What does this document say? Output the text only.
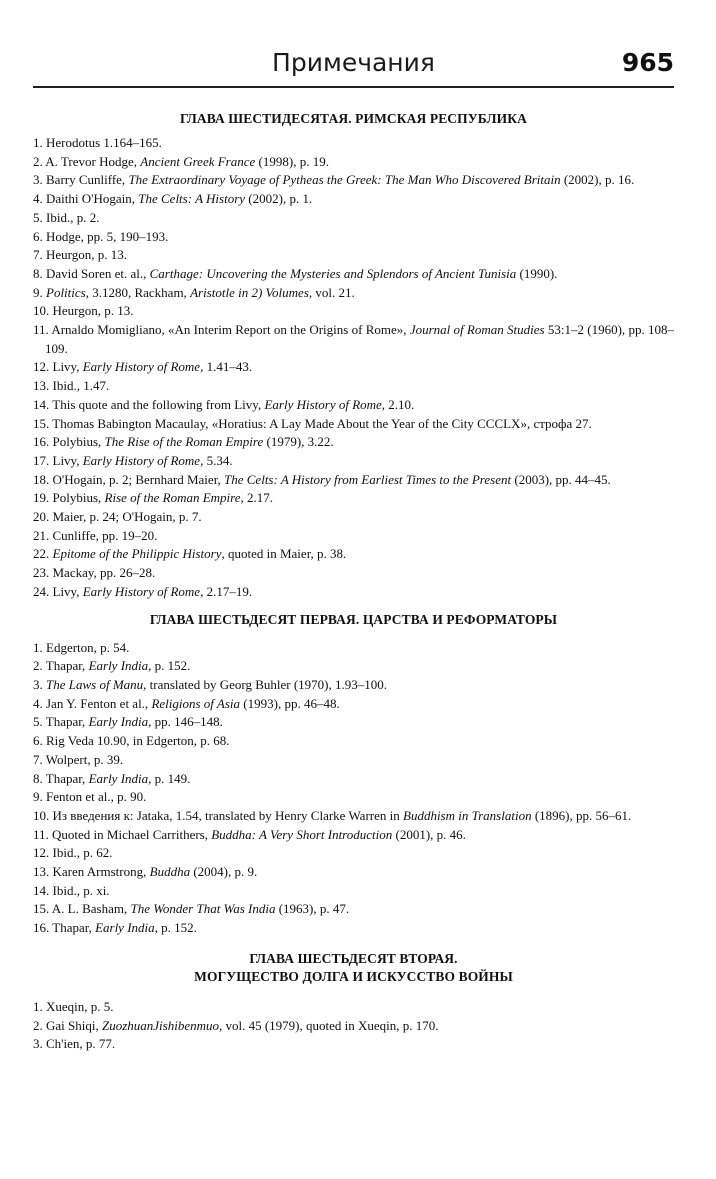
Примечания	965
ГЛАВА ШЕСТИДЕСЯТАЯ. РИМСКАЯ РЕСПУБЛИКА
1. Herodotus 1.164–165.
2. A. Trevor Hodge, Ancient Greek France (1998), p. 19.
3. Barry Cunliffe, The Extraordinary Voyage of Pytheas the Greek: The Man Who Discovered Britain (2002), p. 16.
4. Daithi O'Hogain, The Celts: A History (2002), p. 1.
5. Ibid., p. 2.
6. Hodge, pp. 5, 190–193.
7. Heurgon, p. 13.
8. David Soren et. al., Carthage: Uncovering the Mysteries and Splendors of Ancient Tunisia (1990).
9. Politics, 3.1280, Rackham, Aristotle in 2) Volumes, vol. 21.
10. Heurgon, p. 13.
11. Arnaldo Momigliano, «An Interim Report on the Origins of Rome», Journal of Roman Studies 53:1–2 (1960), pp. 108–109.
12. Livy, Early History of Rome, 1.41–43.
13. Ibid., 1.47.
14. This quote and the following from Livy, Early History of Rome, 2.10.
15. Thomas Babington Macaulay, «Horatius: A Lay Made About the Year of the City CCCLX», строфа 27.
16. Polybius, The Rise of the Roman Empire (1979), 3.22.
17. Livy, Early History of Rome, 5.34.
18. O'Hogain, p. 2; Bernhard Maier, The Celts: A History from Earliest Times to the Present (2003), pp. 44–45.
19. Polybius, Rise of the Roman Empire, 2.17.
20. Maier, p. 24; O'Hogain, p. 7.
21. Cunliffe, pp. 19–20.
22. Epitome of the Philippic History, quoted in Maier, p. 38.
23. Mackay, pp. 26–28.
24. Livy, Early History of Rome, 2.17–19.
ГЛАВА ШЕСТЬДЕСЯТ ПЕРВАЯ. ЦАРСТВА И РЕФОРМАТОРЫ
1. Edgerton, p. 54.
2. Thapar, Early India, p. 152.
3. The Laws of Manu, translated by Georg Buhler (1970), 1.93–100.
4. Jan Y. Fenton et al., Religions of Asia (1993), pp. 46–48.
5. Thapar, Early India, pp. 146–148.
6. Rig Veda 10.90, in Edgerton, p. 68.
7. Wolpert, p. 39.
8. Thapar, Early India, p. 149.
9. Fenton et al., p. 90.
10. Из введения к: Jataka, 1.54, translated by Henry Clarke Warren in Buddhism in Translation (1896), pp. 56–61.
11. Quoted in Michael Carrithers, Buddha: A Very Short Introduction (2001), p. 46.
12. Ibid., p. 62.
13. Karen Armstrong, Buddha (2004), p. 9.
14. Ibid., p. xi.
15. A. L. Basham, The Wonder That Was India (1963), p. 47.
16. Thapar, Early India, p. 152.
ГЛАВА ШЕСТЬДЕСЯТ ВТОРАЯ.
МОГУЩЕСТВО ДОЛГА И ИСКУССТВО ВОЙНЫ
1. Xueqin, p. 5.
2. Gai Shiqi, ZuozhuanJishibenmuo, vol. 45 (1979), quoted in Xueqin, p. 170.
3. Ch'ien, p. 77.
